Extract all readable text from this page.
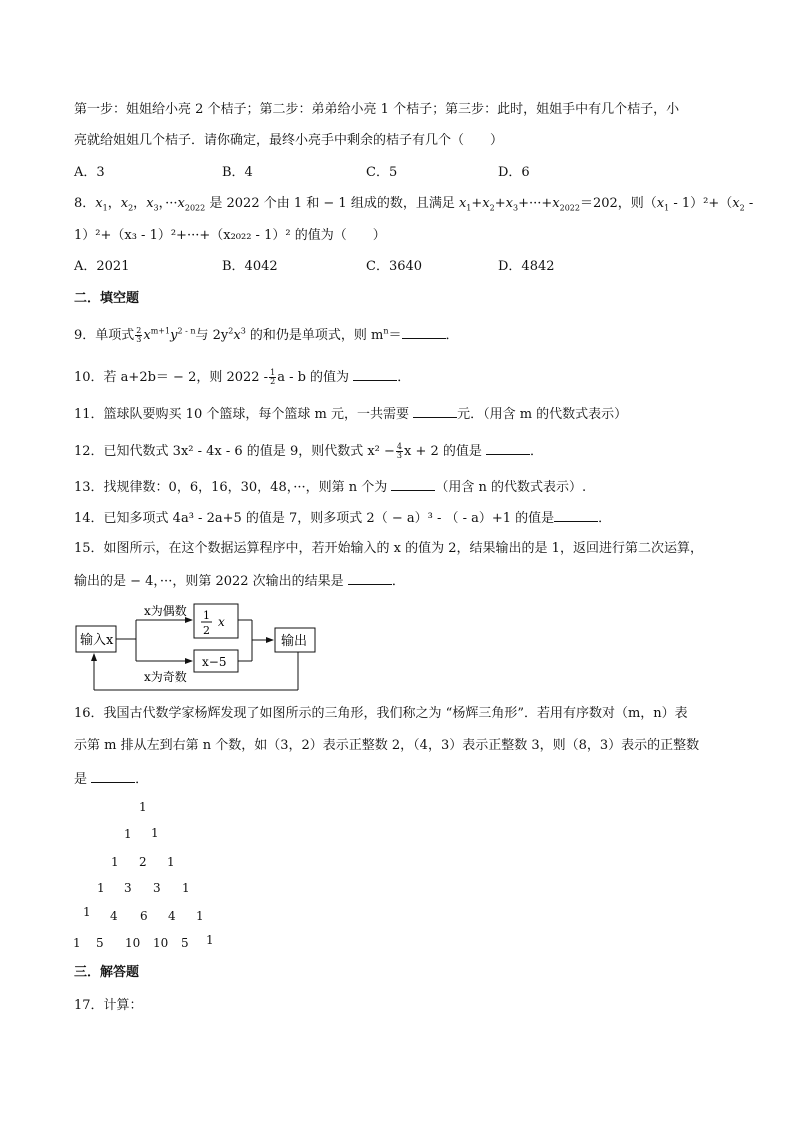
第一步：姐姐给小亮 2 个桔子；第二步：弟弟给小亮 1 个桔子；第三步：此时，姐姐手中有几个桔子，小
亮就给姐姐几个桔子．请你确定，最终小亮手中剩余的桔子有几个（　　）
A．3	B．4	C．5	D．6
8．$x_1$，$x_2$，$x_3$，$\cdot\cdot\cdot x_{2022}$ 是 2022 个由 1 和 − 1 组成的数，且满足 $x_1+x_2+x_3+\cdot\cdot\cdot+x_{2022}=202$，则$(x_1 - 1)^2+(x_2$ -
1）²+（x₃ - 1）²+···+（x₂₀₂₂ - 1）² 的值为（　　）
A．2021	B．4042	C．3640	D．4842
二．填空题
9．单项式 $\frac{2}{3} x^{m+1}y^{2 - n}$与 $2y^2x^3$ 的和仍是单项式，则 $m^n=$	．
10．若 a+2b＝ − 2，则 $2022 - \frac{1}{2}$ a - b 的值为	．
11．篮球队要购买 10 个篮球，每个篮球 m 元，一共需要	元．（用含 m 的代数式表示）
12．已知代数式 3x² - 4x - 6 的值是 9，则代数式 $x^2 - \frac{4}{3}$ x + 2 的值是	．
13．找规律数：0，6，16，30，48，···，则第 n 个为	（用含 n 的代数式表示）.
14．已知多项式 4a³ - 2a+5 的值是 7，则多项式 2（ − a）³ - （ - a）+1 的值是	．
15．如图所示，在这个数据运算程序中，若开始输入的 x 的值为 2，结果输出的是 1，返回进行第二次运算，
输出的是 − 4，···，则第 2022 次输出的结果是	．
输入x
x为偶数
x为奇数
1
2
x
x−5
输出
16．我国古代数学家杨辉发现了如图所示的三角形，我们称之为 “杨辉三角形”．若用有序数对（m，n）表
示第 m 排从左到右第 n 个数，如（3，2）表示正整数 2，（4，3）表示正整数 3，则（8，3）表示的正整数
是	．
1
1 1
1 2 1
1 3 3 1
1 4 6 4 1
1 5 10 10 5 1
三．解答题
17．计算：
